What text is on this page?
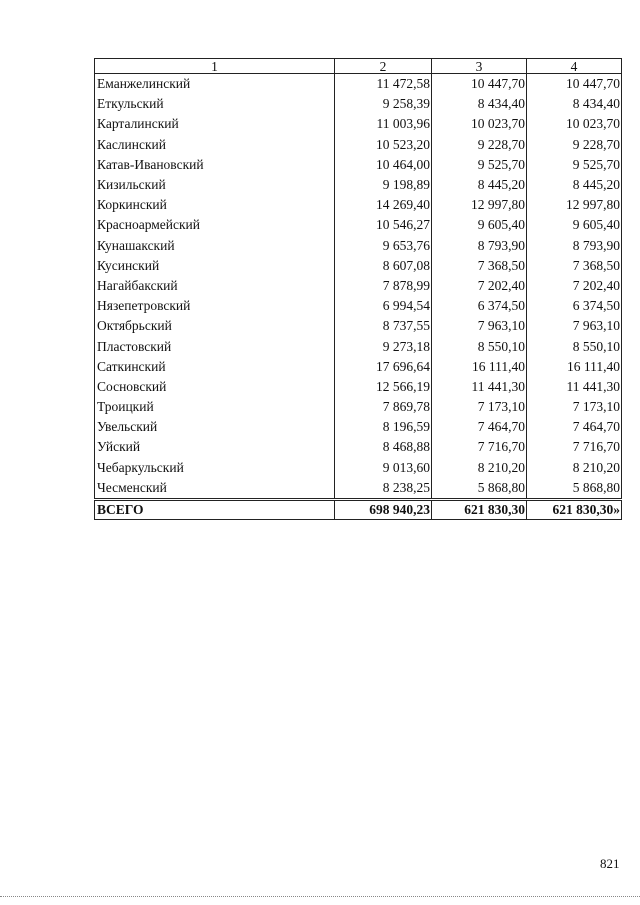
1	2	3	4
Еманжелинский	11 472,58	10 447,70	10 447,70
Еткульский	9 258,39	8 434,40	8 434,40
Карталинский	11 003,96	10 023,70	10 023,70
Каслинский	10 523,20	9 228,70	9 228,70
Катав-Ивановский	10 464,00	9 525,70	9 525,70
Кизильский	9 198,89	8 445,20	8 445,20
Коркинский	14 269,40	12 997,80	12 997,80
Красноармейский	10 546,27	9 605,40	9 605,40
Кунашакский	9 653,76	8 793,90	8 793,90
Кусинский	8 607,08	7 368,50	7 368,50
Нагайбакский	7 878,99	7 202,40	7 202,40
Нязепетровский	6 994,54	6 374,50	6 374,50
Октябрьский	8 737,55	7 963,10	7 963,10
Пластовский	9 273,18	8 550,10	8 550,10
Саткинский	17 696,64	16 111,40	16 111,40
Сосновский	12 566,19	11 441,30	11 441,30
Троицкий	7 869,78	7 173,10	7 173,10
Увельский	8 196,59	7 464,70	7 464,70
Уйский	8 468,88	7 716,70	7 716,70
Чебаркульский	9 013,60	8 210,20	8 210,20
Чесменский	8 238,25	5 868,80	5 868,80
ВСЕГО	698 940,23	621 830,30	621 830,30»
821
